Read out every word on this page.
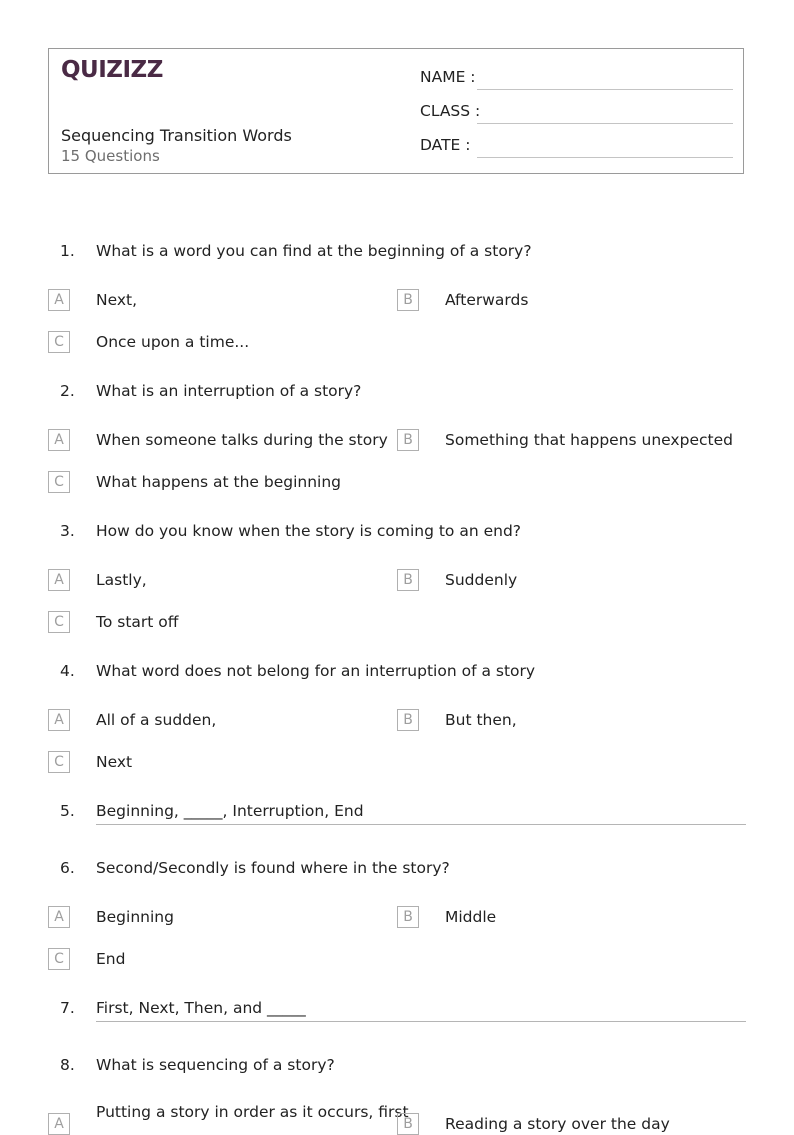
QUIZIZZ
Sequencing Transition Words
15 Questions
NAME :
CLASS :
DATE :
1. What is a word you can find at the beginning of a story?
A	Next,	B	Afterwards
C	Once upon a time...
2. What is an interruption of a story?
A	When someone talks during the story	B	Something that happens unexpected
C	What happens at the beginning
3. How do you know when the story is coming to an end?
A	Lastly,	B	Suddenly
C	To start off
4. What word does not belong for an interruption of a story
A	All of a sudden,	B	But then,
C	Next
5. Beginning, _____, Interruption, End
6. Second/Secondly is found where in the story?
A	Beginning	B	Middle
C	End
7. First, Next, Then, and _____
8. What is sequencing of a story?
A
Putting a story in order as it occurs, first
B	Reading a story over the day
